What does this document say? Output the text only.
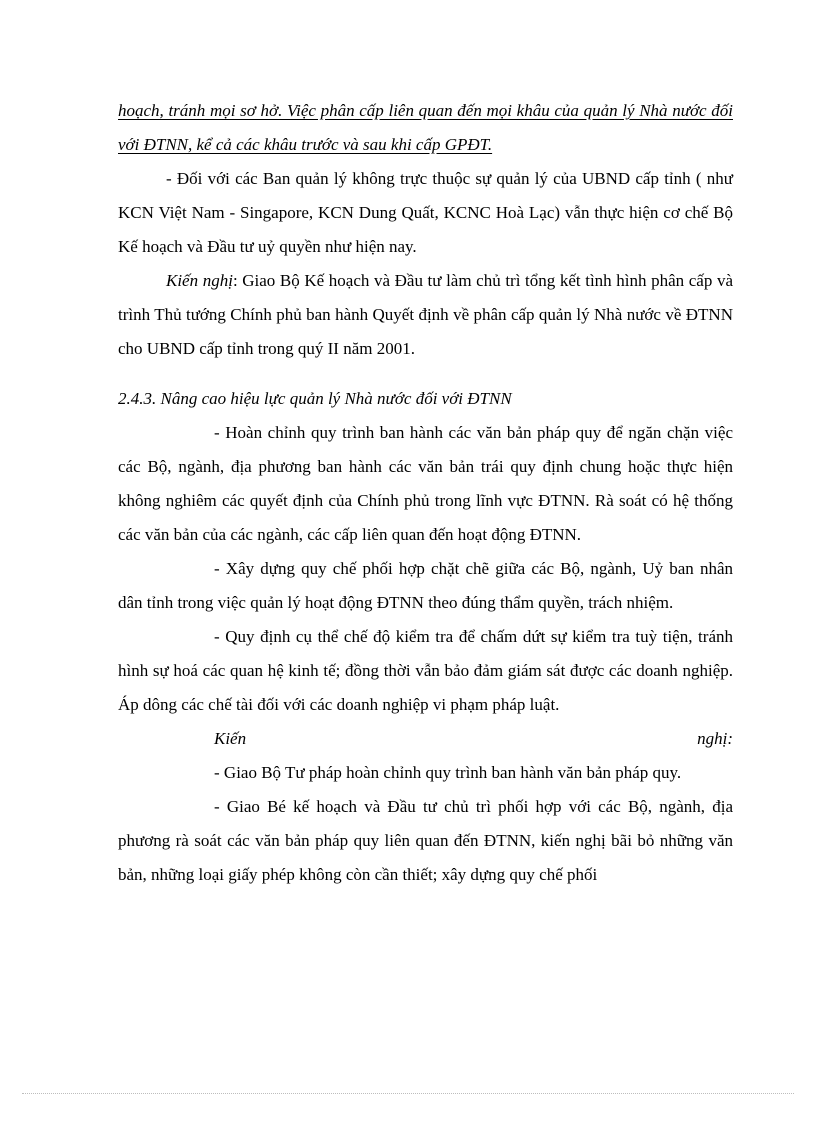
hoạch, tránh mọi sơ hở. Việc phân cấp liên quan đến mọi khâu của quản lý Nhà nước đối với ĐTNN, kể cả các khâu trước và sau khi cấp GPĐT.

- Đối với các Ban quản lý không trực thuộc sự quản lý của UBND cấp tỉnh ( như KCN Việt Nam - Singapore, KCN Dung Quất, KCNC Hoà Lạc) vẫn thực hiện cơ chế Bộ Kế hoạch và Đầu tư uỷ quyền như hiện nay.

Kiến nghị: Giao Bộ Kế hoạch và Đầu tư làm chủ trì tổng kết tình hình phân cấp và trình Thủ tướng Chính phủ ban hành Quyết định về phân cấp quản lý Nhà nước về ĐTNN cho UBND cấp tỉnh trong quý II năm 2001.

2.4.3. Nâng cao hiệu lực quản lý Nhà nước đối với ĐTNN

- Hoàn chỉnh quy trình ban hành các văn bản pháp quy để ngăn chặn việc các Bộ, ngành, địa phương ban hành các văn bản trái quy định chung hoặc thực hiện không nghiêm các quyết định của Chính phủ trong lĩnh vực ĐTNN. Rà soát có hệ thống các văn bản của các ngành, các cấp liên quan đến hoạt động ĐTNN.

- Xây dựng quy chế phối hợp chặt chẽ giữa các Bộ, ngành, Uỷ ban nhân dân tỉnh trong việc quản lý hoạt động ĐTNN theo đúng thẩm quyền, trách nhiệm.

- Quy định cụ thể chế độ kiểm tra để chấm dứt sự kiểm tra tuỳ tiện, tránh hình sự hoá các quan hệ kinh tế; đồng thời vẫn bảo đảm giám sát được các doanh nghiệp. Áp dông các chế tài đối với các doanh nghiệp vi phạm pháp luật.

Kiến	nghị:

- Giao Bộ Tư pháp hoàn chỉnh quy trình ban hành văn bản pháp quy.

- Giao Bé kế hoạch và Đầu tư chủ trì phối hợp với các Bộ, ngành, địa phương rà soát các văn bản pháp quy liên quan đến ĐTNN, kiến nghị bãi bỏ những văn bản, những loại giấy phép không còn cần thiết; xây dựng quy chế phối
